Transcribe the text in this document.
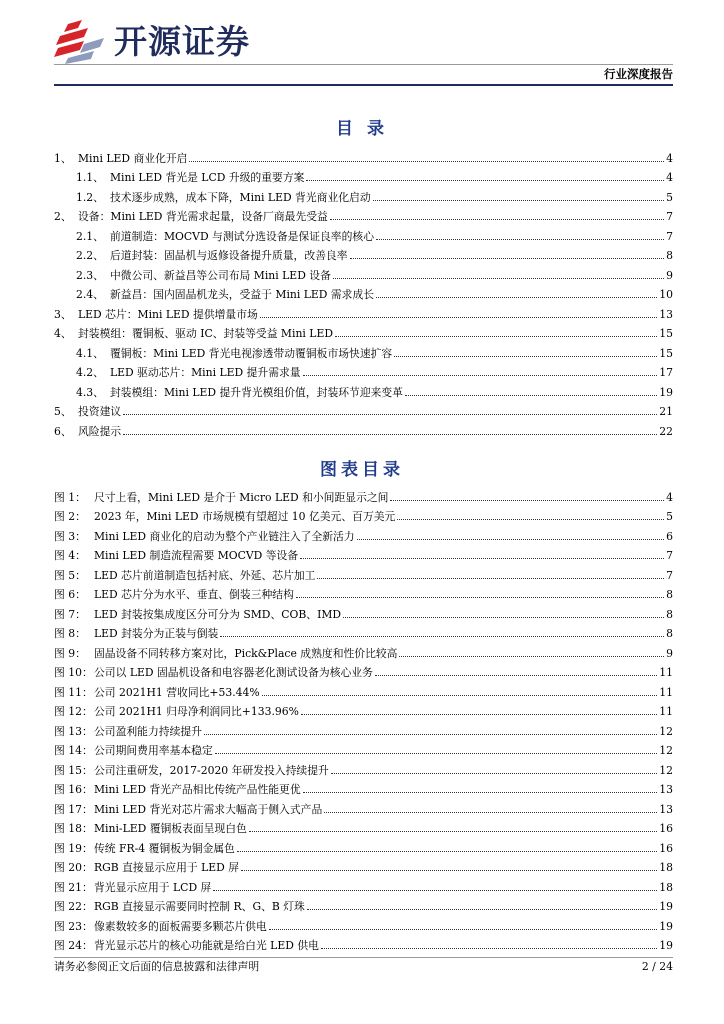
开源证券
行业深度报告
目 录
1、 Mini LED 商业化开启	4
1.1、 Mini LED 背光是 LCD 升级的重要方案	4
1.2、 技术逐步成熟，成本下降，Mini LED 背光商业化启动	5
2、 设备：Mini LED 背光需求起量，设备厂商最先受益	7
2.1、 前道制造：MOCVD 与测试分选设备是保证良率的核心	7
2.2、 后道封装：固晶机与返修设备提升质量，改善良率	8
2.3、 中微公司、新益昌等公司布局 Mini LED 设备	9
2.4、 新益昌：国内固晶机龙头，受益于 Mini LED 需求成长	10
3、 LED 芯片：Mini LED 提供增量市场	13
4、 封装模组：覆铜板、驱动 IC、封装等受益 Mini LED	15
4.1、 覆铜板：Mini LED 背光电视渗透带动覆铜板市场快速扩容	15
4.2、 LED 驱动芯片：Mini LED 提升需求量	17
4.3、 封装模组：Mini LED 提升背光模组价值，封装环节迎来变革	19
5、 投资建议	21
6、 风险提示	22
图表目录
图 1： 尺寸上看，Mini LED 是介于 Micro LED 和小间距显示之间	4
图 2： 2023 年，Mini LED 市场规模有望超过 10 亿美元、百万美元	5
图 3： Mini LED 商业化的启动为整个产业链注入了全新活力	6
图 4： Mini LED 制造流程需要 MOCVD 等设备	7
图 5： LED 芯片前道制造包括衬底、外延、芯片加工	7
图 6： LED 芯片分为水平、垂直、倒装三种结构	8
图 7： LED 封装按集成度区分可分为 SMD、COB、IMD	8
图 8： LED 封装分为正装与倒装	8
图 9： 固晶设备不同转移方案对比，Pick&Place 成熟度和性价比较高	9
图 10： 公司以 LED 固晶机设备和电容器老化测试设备为核心业务	11
图 11： 公司 2021H1 营收同比+53.44%	11
图 12： 公司 2021H1 归母净利润同比+133.96%	11
图 13： 公司盈利能力持续提升	12
图 14： 公司期间费用率基本稳定	12
图 15： 公司注重研发，2017-2020 年研发投入持续提升	12
图 16： Mini LED 背光产品相比传统产品性能更优	13
图 17： Mini LED 背光对芯片需求大幅高于侧入式产品	13
图 18： Mini-LED 覆铜板表面呈现白色	16
图 19： 传统 FR-4 覆铜板为铜金属色	16
图 20： RGB 直接显示应用于 LED 屏	18
图 21： 背光显示应用于 LCD 屏	18
图 22： RGB 直接显示需要同时控制 R、G、B 灯珠	19
图 23： 像素数较多的面板需要多颗芯片供电	19
图 24： 背光显示芯片的核心功能就是给白光 LED 供电	19
请务必参阅正文后面的信息披露和法律声明	2 / 24
